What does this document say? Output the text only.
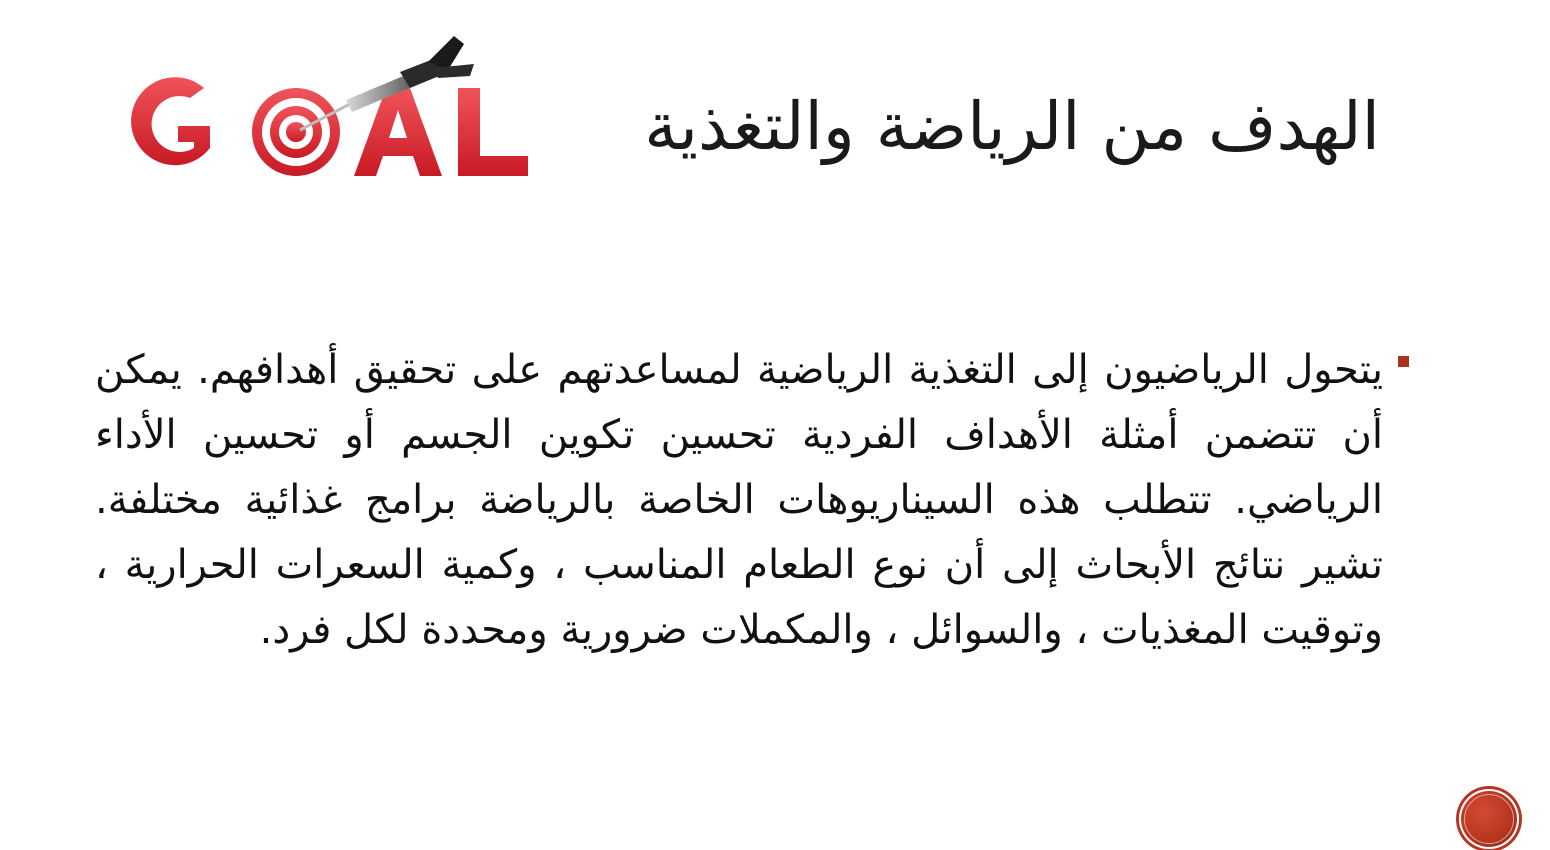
الهدف من الرياضة والتغذية

يتحول الرياضيون إلى التغذية الرياضية لمساعدتهم على تحقيق أهدافهم. يمكن أن تتضمن أمثلة الأهداف الفردية تحسين تكوين الجسم أو تحسين الأداء الرياضي. تتطلب هذه السيناريوهات الخاصة بالرياضة برامج غذائية مختلفة. تشير نتائج الأبحاث إلى أن نوع الطعام المناسب ، وكمية السعرات الحرارية ، وتوقيت المغذيات ، والسوائل ، والمكملات ضرورية ومحددة لكل فرد.
